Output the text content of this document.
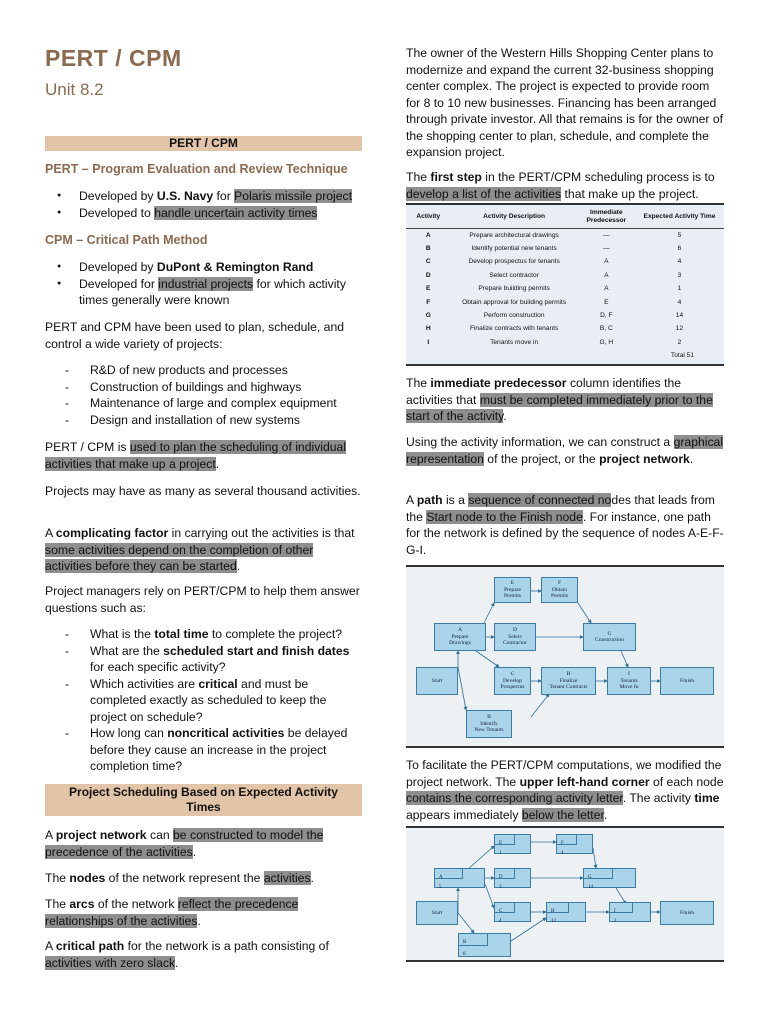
PERT / CPM
Unit 8.2
PERT / CPM
PERT – Program Evaluation and Review Technique
● Developed by U.S. Navy for Polaris missile project
● Developed to handle uncertain activity times
CPM – Critical Path Method
● Developed by DuPont & Remington Rand
● Developed for industrial projects for which activity times generally were known
PERT and CPM have been used to plan, schedule, and control a wide variety of projects:
- R&D of new products and processes
- Construction of buildings and highways
- Maintenance of large and complex equipment
- Design and installation of new systems
PERT / CPM is used to plan the scheduling of individual activities that make up a project.
Projects may have as many as several thousand activities.
A complicating factor in carrying out the activities is that some activities depend on the completion of other activities before they can be started.
Project managers rely on PERT/CPM to help them answer questions such as:
- What is the total time to complete the project?
- What are the scheduled start and finish dates for each specific activity?
- Which activities are critical and must be completed exactly as scheduled to keep the project on schedule?
- How long can noncritical activities be delayed before they cause an increase in the project completion time?
Project Scheduling Based on Expected Activity Times
A project network can be constructed to model the precedence of the activities.
The nodes of the network represent the activities.
The arcs of the network reflect the precedence relationships of the activities.
A critical path for the network is a path consisting of activities with zero slack.
The owner of the Western Hills Shopping Center plans to modernize and expand the current 32-business shopping center complex. The project is expected to provide room for 8 to 10 new businesses. Financing has been arranged through private investor. All that remains is for the owner of the shopping center to plan, schedule, and complete the expansion project.
The first step in the PERT/CPM scheduling process is to develop a list of the activities that make up the project.
Activity	Activity Description	Immediate Predecessor	Expected Activity Time
A	Prepare architectural drawings	—	5
B	Identify potential new tenants	—	6
C	Develop prospectus for tenants	A	4
D	Select contractor	A	3
E	Prepare building permits	A	1
F	Obtain approval for building permits	E	4
G	Perform construction	D, F	14
H	Finalize contracts with tenants	B, C	12
I	Tenants move in	G, H	2
Total 51			
The immediate predecessor column identifies the activities that must be completed immediately prior to the start of the activity.
Using the activity information, we can construct a graphical representation of the project, or the project network.
A path is a sequence of connected nodes that leads from the Start node to the Finish node. For instance, one path for the network is defined by the sequence of nodes A-E-F-G-I.
Start
E
Prepare
Permits
F
Obtain
Permits
A
Prepare
Drawings
D
Select
Contractor
G
Construction
C
Develop
Prospectus
H
Finalize
Tenant Contracts
I
Tenants
Move In
Finish
B
Identify
New Tenants
To facilitate the PERT/CPM computations, we modified the project network. The upper left-hand corner of each node contains the corresponding activity letter. The activity time appears immediately below the letter.
Start	Finish
E
1
F
4
A
5
D
3
G
14
C
4
H
12
I
2
B
6
